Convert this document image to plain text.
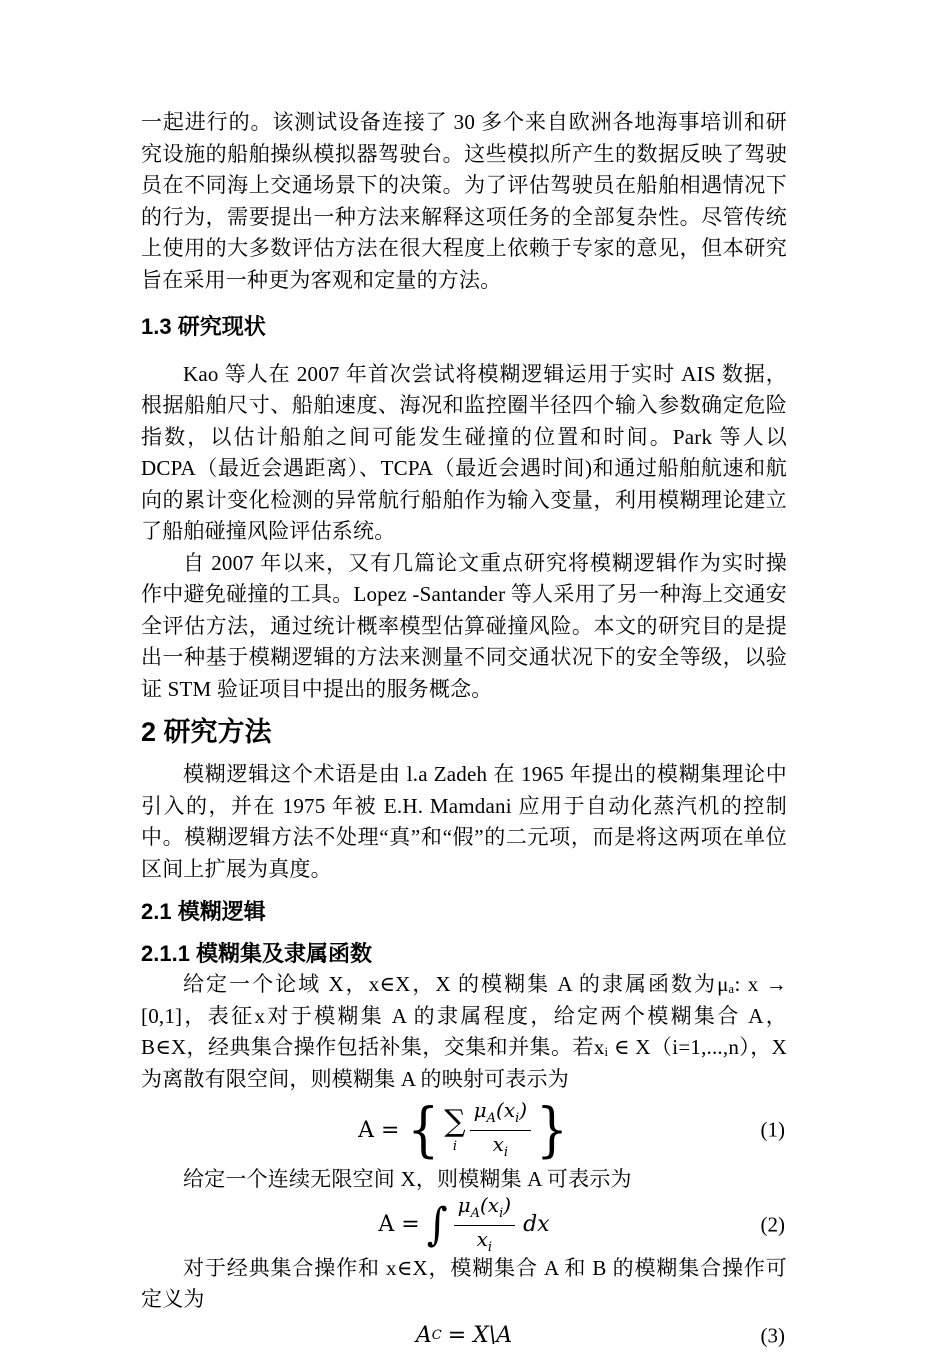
一起进行的。该测试设备连接了 30 多个来自欧洲各地海事培训和研究设施的船舶操纵模拟器驾驶台。这些模拟所产生的数据反映了驾驶员在不同海上交通场景下的决策。为了评估驾驶员在船舶相遇情况下的行为，需要提出一种方法来解释这项任务的全部复杂性。尽管传统上使用的大多数评估方法在很大程度上依赖于专家的意见，但本研究旨在采用一种更为客观和定量的方法。

1.3 研究现状

Kao 等人在 2007 年首次尝试将模糊逻辑运用于实时 AIS 数据，根据船舶尺寸、船舶速度、海况和监控圈半径四个输入参数确定危险指数，以估计船舶之间可能发生碰撞的位置和时间。Park 等人以 DCPA（最近会遇距离）、TCPA（最近会遇时间)和通过船舶航速和航向的累计变化检测的异常航行船舶作为输入变量，利用模糊理论建立了船舶碰撞风险评估系统。

自 2007 年以来，又有几篇论文重点研究将模糊逻辑作为实时操作中避免碰撞的工具。Lopez -Santander 等人采用了另一种海上交通安全评估方法，通过统计概率模型估算碰撞风险。本文的研究目的是提出一种基于模糊逻辑的方法来测量不同交通状况下的安全等级，以验证 STM 验证项目中提出的服务概念。

2 研究方法

模糊逻辑这个术语是由 l.a Zadeh 在 1965 年提出的模糊集理论中引入的，并在 1975 年被 E.H. Mamdani 应用于自动化蒸汽机的控制中。模糊逻辑方法不处理“真”和“假”的二元项，而是将这两项在单位区间上扩展为真度。

2.1 模糊逻辑
2.1.1 模糊集及隶属函数

给定一个论域 X，x∈X，X 的模糊集 A 的隶属函数为μₐ: x → [0,1]，表征x对于模糊集 A 的隶属程度，给定两个模糊集合 A，B∈X，经典集合操作包括补集，交集和并集。若xᵢ ∈ X（i=1,...,n），X 为离散有限空间，则模糊集 A 的映射可表示为

A = { ∑
i $\frac{\mu_A(x_i)}{x_i}$ }	(1)

给定一个连续无限空间 X，则模糊集 A 可表示为

A = ∫ $\frac{\mu_A(x_i)}{x_i}$ dx	(2)

对于经典集合操作和 x∈X，模糊集合 A 和 B 的模糊集合操作可定义为

A C = X\A	(3)
